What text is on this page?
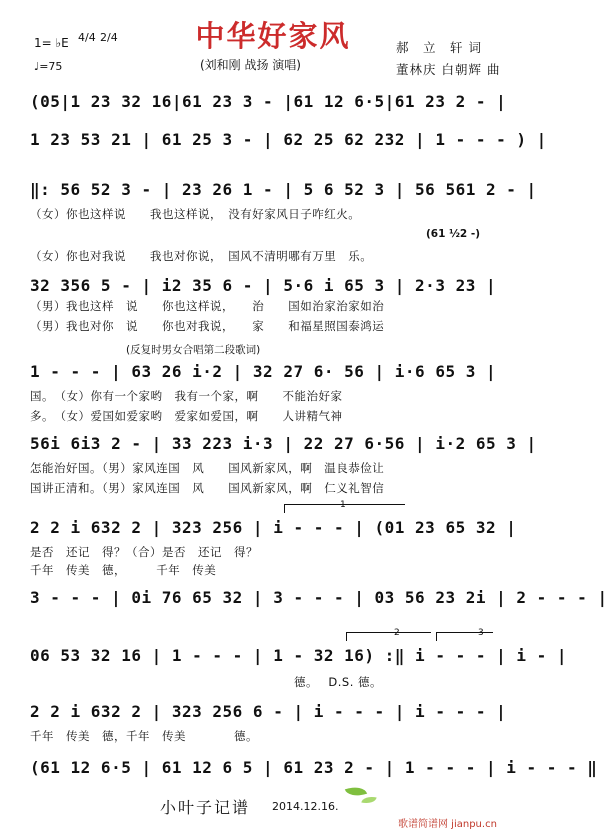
1= ♭E 4/4 2/4
♩=75
中华好家风
(刘和刚 战扬 演唱)
郝　立　轩 词
董林庆 白朝辉 曲
(05|1 23 32 16|61 23 3 - |61 12 6·5|61 23 2 - |
1 23 53 21 | 61 25 3 - | 62 25 62 232 | 1 - - - ) |
‖: 56 52 3 - | 23 26 1 - | 5 6 52 3 | 56 561 2 - |
（女）你也这样说　　我也这样说，　没有好家风日子咋红火。
（女）你也对我说　　我也对你说，　国风不清明哪有万里　乐。
(61 ½2 -)
32 356 5 - | i2 35 6 - | 5·6 i 65 3 | 2·3 23 |
（男）我也这样　说　　你也这样说，　　治　　国如治家治家如治
（男）我也对你　说　　你也对我说，　　家　　和福星照国泰鸿运
(反复时男女合唱第二段歌词)
1 - - - | 63 26 i·2 | 32 27 6· 56 | i·6 65 3 |
国。　（女）你有一个家哟　我有一个家，啊　　不能治好家
多。　（女）爱国如爱家哟　爱家如爱国，啊　　人讲精气神
56i 6i3 2 - | 33 223 i·3 | 22 27 6·56 | i·2 65 3 |
怎能治好国。（男）家风连国　风　　国风新家风，啊　温良恭俭让
国讲正清和。（男）家风连国　风　　国风新家风，啊　仁义礼智信
1
2 2 i 632 2 | 323 256 | i - - - | (01 23 65 32 |
是否　还记　得？（合）是否　还记　得？
千年　传美　德，　　　千年　传美
3 - - - | 0i 76 65 32 | 3 - - - | 03 56 23 2i | 2 - - - |
2	3
06 53 32 16 | 1 - - - | 1 - 32 16) :‖ i - - - | i - |
　　　　　　　　　　　　　　　　　　　　　　德。　 D.S. 德。
2 2 i 632 2 | 323 256 6 - | i - - - | i - - - |
千年　传美　德，千年　传美　　　　德。
(61 12 6·5 | 61 12 6 5 | 61 23 2 - | 1 - - - | i - - - ‖
小叶子记谱 2014.12.16.
歌谱简谱网 jianpu.cn
